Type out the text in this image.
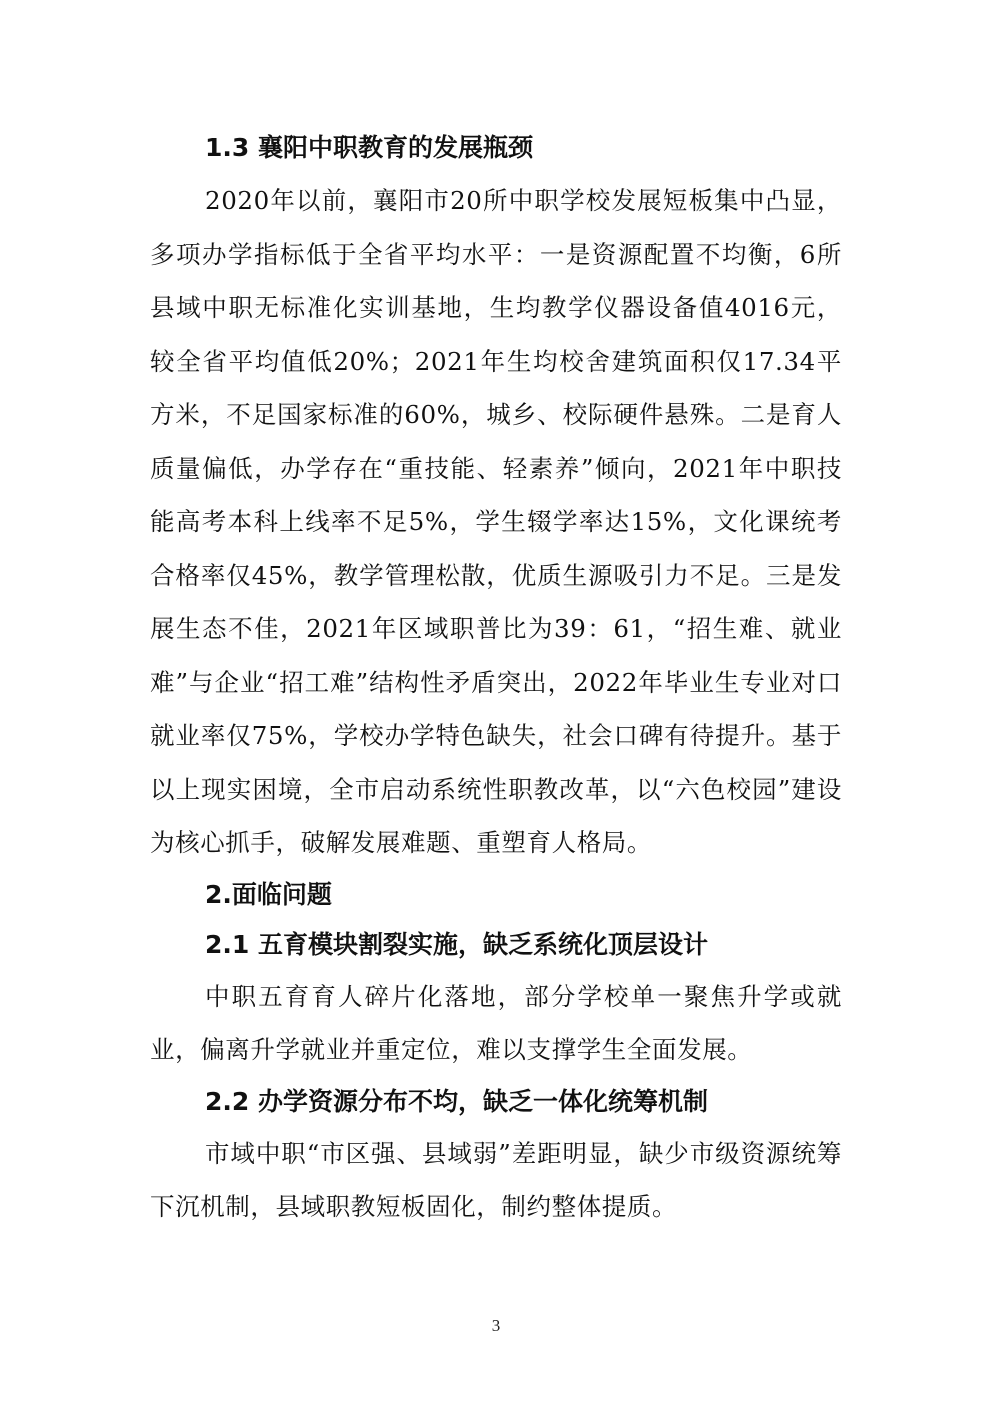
1.3 襄阳中职教育的发展瓶颈

2020年以前，襄阳市20所中职学校发展短板集中凸显，多项办学指标低于全省平均水平：一是资源配置不均衡，6所县域中职无标准化实训基地，生均教学仪器设备值4016元，较全省平均值低20%；2021年生均校舍建筑面积仅17.34平方米，不足国家标准的60%，城乡、校际硬件悬殊。二是育人质量偏低，办学存在“重技能、轻素养”倾向，2021年中职技能高考本科上线率不足5%，学生辍学率达15%，文化课统考合格率仅45%，教学管理松散，优质生源吸引力不足。三是发展生态不佳，2021年区域职普比为39：61，“招生难、就业难”与企业“招工难”结构性矛盾突出，2022年毕业生专业对口就业率仅75%，学校办学特色缺失，社会口碑有待提升。基于以上现实困境，全市启动系统性职教改革，以“六色校园”建设为核心抓手，破解发展难题、重塑育人格局。

2.面临问题
2.1 五育模块割裂实施，缺乏系统化顶层设计

中职五育育人碎片化落地，部分学校单一聚焦升学或就业，偏离升学就业并重定位，难以支撑学生全面发展。

2.2 办学资源分布不均，缺乏一体化统筹机制

市域中职“市区强、县域弱”差距明显，缺少市级资源统筹下沉机制，县域职教短板固化，制约整体提质。

3
